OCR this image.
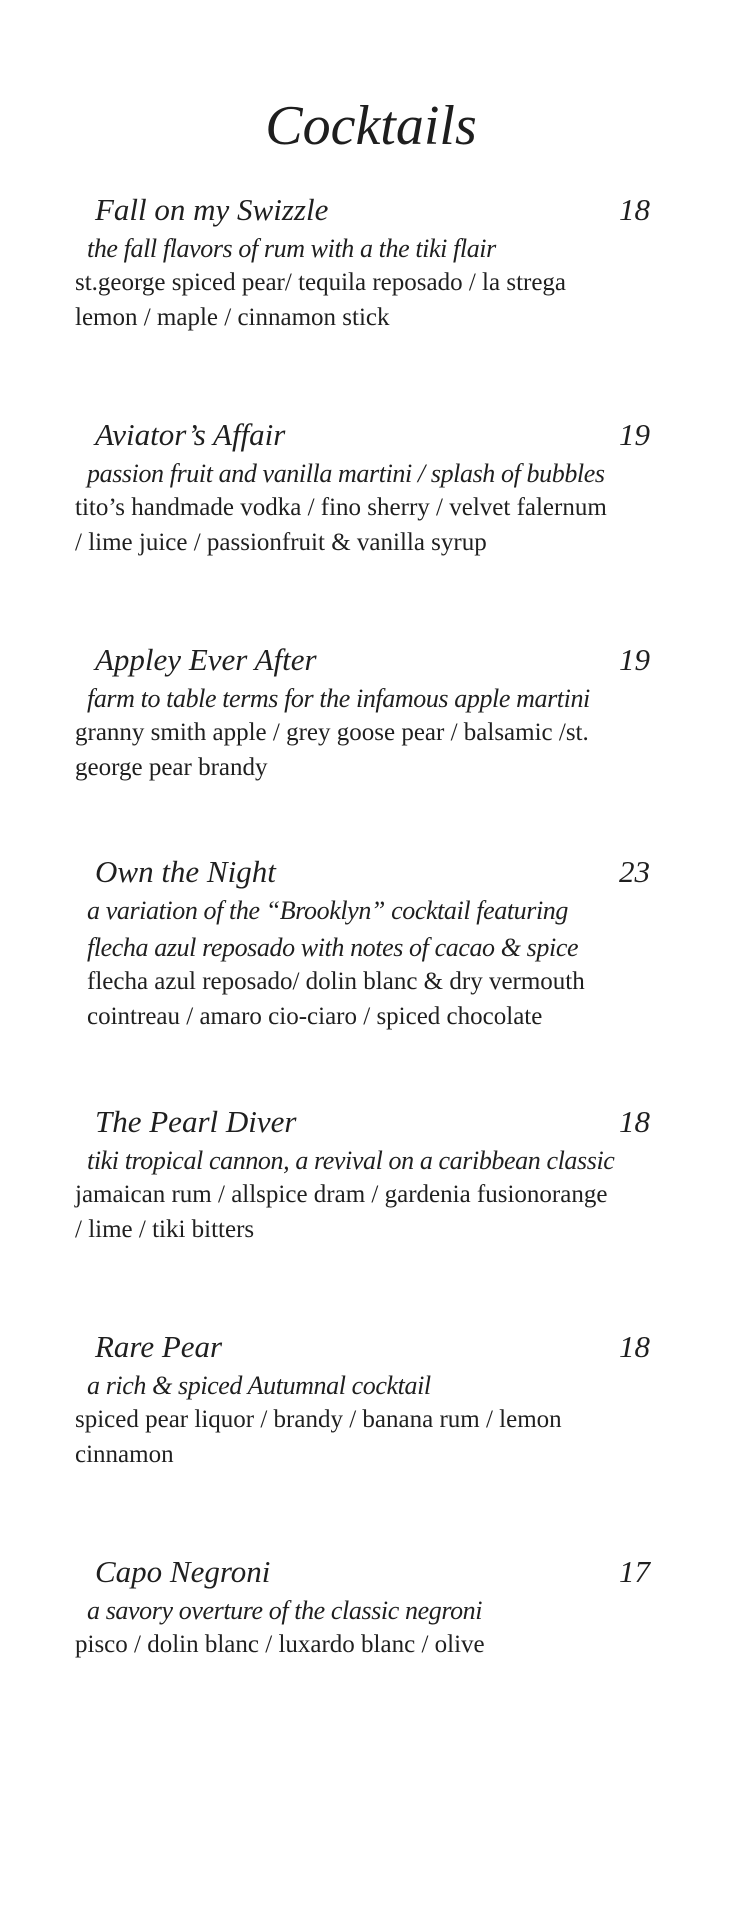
Cocktails
Fall on my Swizzle	18
the fall flavors of rum with a the tiki flair
st.george spiced pear/ tequila reposado / la strega
lemon / maple / cinnamon stick
Aviator’s Affair	19
passion fruit and vanilla martini / splash of bubbles
tito’s handmade vodka / fino sherry / velvet falernum
/ lime juice / passionfruit & vanilla syrup
Appley Ever After	19
farm to table terms for the infamous apple martini
granny smith apple / grey goose pear / balsamic /st.
george pear brandy
Own the Night	23
a variation of the “Brooklyn” cocktail featuring
flecha azul reposado with notes of cacao & spice
flecha azul reposado/ dolin blanc & dry vermouth
cointreau / amaro cio-ciaro / spiced chocolate
The Pearl Diver	18
tiki tropical cannon, a revival on a caribbean classic
jamaican rum / allspice dram / gardenia fusionorange
/ lime / tiki bitters
Rare Pear	18
a rich & spiced Autumnal cocktail
spiced pear liquor / brandy / banana rum / lemon
cinnamon
Capo Negroni	17
a savory overture of the classic negroni
pisco / dolin blanc / luxardo blanc / olive
